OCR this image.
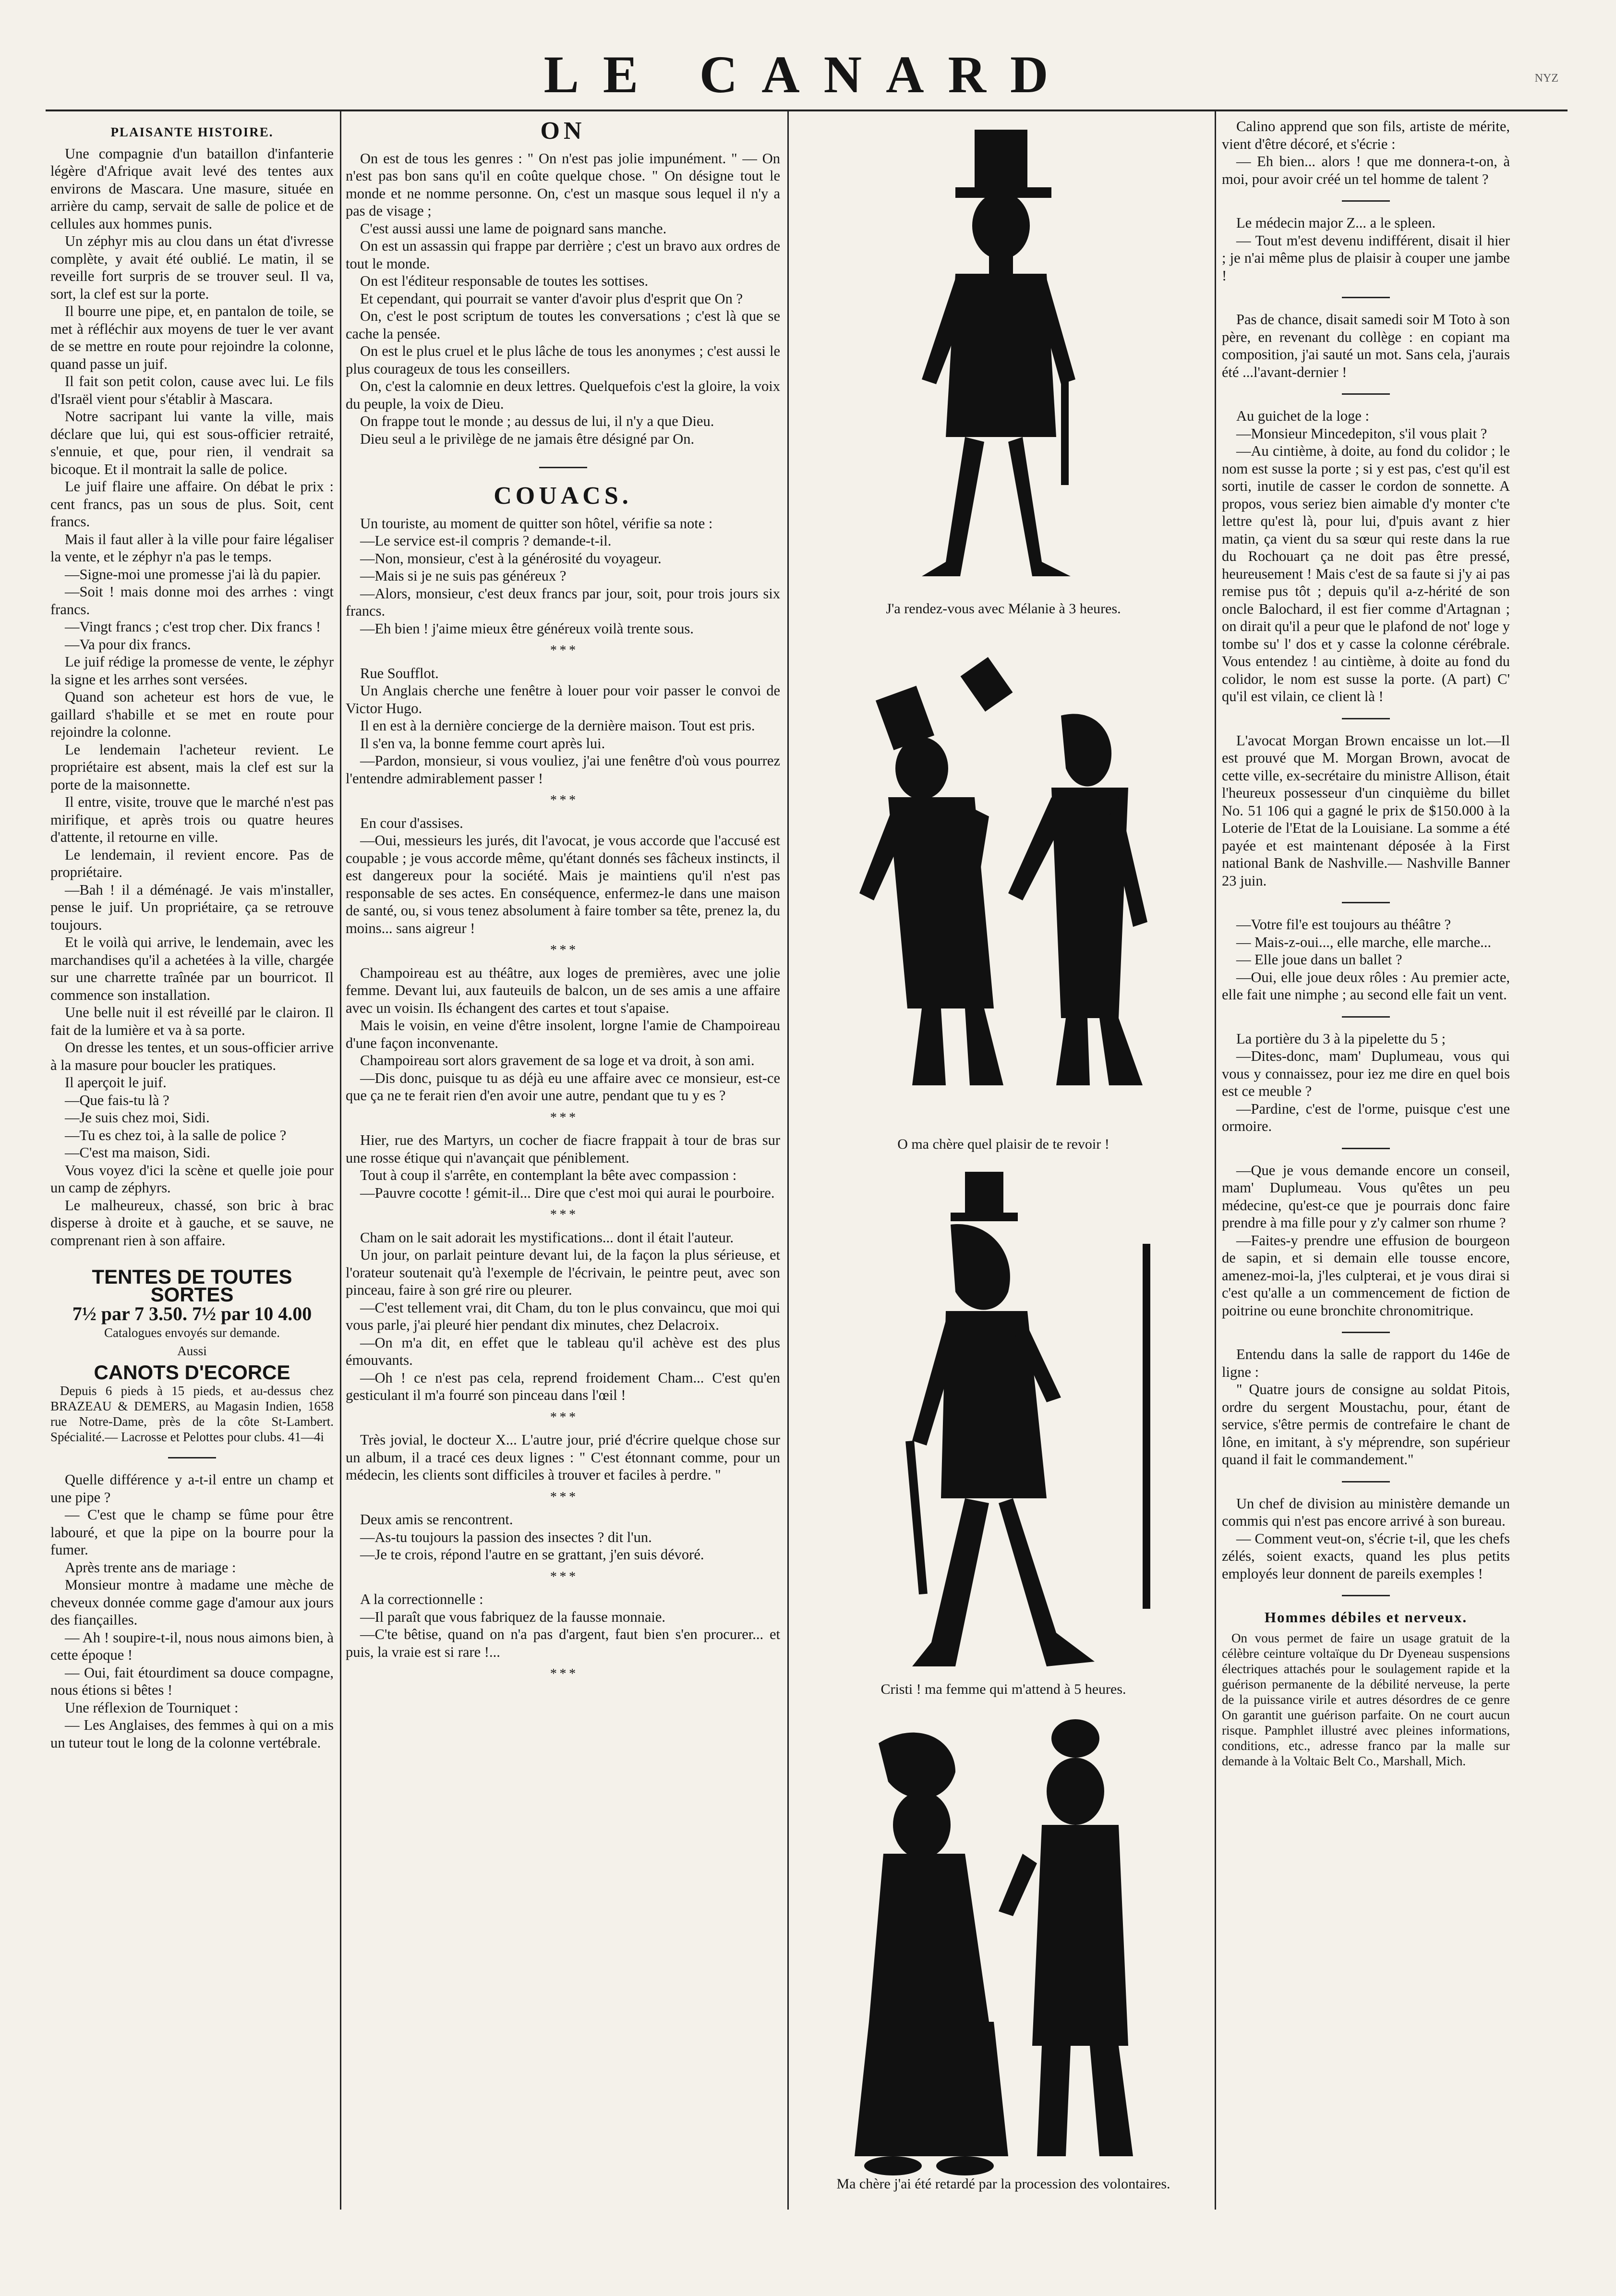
LE CANARD	NYZ
PLAISANTE HISTOIRE.

Une compagnie d'un bataillon d'infanterie légère d'Afrique avait levé des tentes aux environs de Mascara. Une masure, située en arrière du camp, servait de salle de police et de cellules aux hommes punis.

Un zéphyr mis au clou dans un état d'ivresse complète, y avait été oublié. Le matin, il se reveille fort surpris de se trouver seul. Il va, sort, la clef est sur la porte.

Il bourre une pipe, et, en pantalon de toile, se met à réfléchir aux moyens de tuer le ver avant de se mettre en route pour rejoindre la colonne, quand passe un juif.

Il fait son petit colon, cause avec lui. Le fils d'Israël vient pour s'établir à Mascara.

Notre sacripant lui vante la ville, mais déclare que lui, qui est sous-officier retraité, s'ennuie, et que, pour rien, il vendrait sa bicoque. Et il montrait la salle de police.

Le juif flaire une affaire. On débat le prix : cent francs, pas un sous de plus. Soit, cent francs.

Mais il faut aller à la ville pour faire légaliser la vente, et le zéphyr n'a pas le temps.

—Signe-moi une promesse j'ai là du papier.

—Soit ! mais donne moi des arrhes : vingt francs.

—Vingt francs ; c'est trop cher. Dix francs !

—Va pour dix francs.

Le juif rédige la promesse de vente, le zéphyr la signe et les arrhes sont versées.

Quand son acheteur est hors de vue, le gaillard s'habille et se met en route pour rejoindre la colonne.

Le lendemain l'acheteur revient. Le propriétaire est absent, mais la clef est sur la porte de la maisonnette.

Il entre, visite, trouve que le marché n'est pas mirifique, et après trois ou quatre heures d'attente, il retourne en ville.

Le lendemain, il revient encore. Pas de propriétaire.

—Bah ! il a déménagé. Je vais m'installer, pense le juif. Un propriétaire, ça se retrouve toujours.

Et le voilà qui arrive, le lendemain, avec les marchandises qu'il a achetées à la ville, chargée sur une charrette traînée par un bourricot. Il commence son installation.

Une belle nuit il est réveillé par le clairon. Il fait de la lumière et va à sa porte.

On dresse les tentes, et un sous-officier arrive à la masure pour boucler les pratiques.

Il aperçoit le juif.

—Que fais-tu là ?

—Je suis chez moi, Sidi.

—Tu es chez toi, à la salle de police ?

—C'est ma maison, Sidi.

Vous voyez d'ici la scène et quelle joie pour un camp de zéphyrs.

Le malheureux, chassé, son bric à brac disperse à droite et à gauche, et se sauve, ne comprenant rien à son affaire.

TENTES DE TOUTES SORTES
7½ par 7 3.50. 7½ par 10 4.00
Catalogues envoyés sur demande.
Aussi
CANOTS D'ECORCE

Depuis 6 pieds à 15 pieds, et au-dessus chez BRAZEAU & DEMERS, au Magasin Indien, 1658 rue Notre-Dame, près de la côte St-Lambert. Spécialité.— Lacrosse et Pelottes pour clubs. 41—4i

Quelle différence y a-t-il entre un champ et une pipe ?

— C'est que le champ se fûme pour être labouré, et que la pipe on la bourre pour la fumer.

Après trente ans de mariage :

Monsieur montre à madame une mèche de cheveux donnée comme gage d'amour aux jours des fiançailles.

— Ah ! soupire-t-il, nous nous aimons bien, à cette époque !

— Oui, fait étourdiment sa douce compagne, nous étions si bêtes !

Une réflexion de Tourniquet :

— Les Anglaises, des femmes à qui on a mis un tuteur tout le long de la colonne vertébrale.

ON

On est de tous les genres : " On n'est pas jolie impunément. " — On n'est pas bon sans qu'il en coûte quelque chose. " On désigne tout le monde et ne nomme personne. On, c'est un masque sous lequel il n'y a pas de visage ;

C'est aussi aussi une lame de poignard sans manche.

On est un assassin qui frappe par derrière ; c'est un bravo aux ordres de tout le monde.

On est l'éditeur responsable de toutes les sottises.

Et cependant, qui pourrait se vanter d'avoir plus d'esprit que On ?

On, c'est le post scriptum de toutes les conversations ; c'est là que se cache la pensée.

On est le plus cruel et le plus lâche de tous les anonymes ; c'est aussi le plus courageux de tous les conseillers.

On, c'est la calomnie en deux lettres. Quelquefois c'est la gloire, la voix du peuple, la voix de Dieu.

On frappe tout le monde ; au dessus de lui, il n'y a que Dieu.

Dieu seul a le privilège de ne jamais être désigné par On.

COUACS.

Un touriste, au moment de quitter son hôtel, vérifie sa note :

—Le service est-il compris ? demande-t-il.

—Non, monsieur, c'est à la générosité du voyageur.

—Mais si je ne suis pas généreux ?

—Alors, monsieur, c'est deux francs par jour, soit, pour trois jours six francs.

—Eh bien ! j'aime mieux être généreux voilà trente sous.

* * *

Rue Soufflot.

Un Anglais cherche une fenêtre à louer pour voir passer le convoi de Victor Hugo.

Il en est à la dernière concierge de la dernière maison. Tout est pris.

Il s'en va, la bonne femme court après lui.

—Pardon, monsieur, si vous vouliez, j'ai une fenêtre d'où vous pourrez l'entendre admirablement passer !

* * *

En cour d'assises.

—Oui, messieurs les jurés, dit l'avocat, je vous accorde que l'accusé est coupable ; je vous accorde même, qu'étant donnés ses fâcheux instincts, il est dangereux pour la société. Mais je maintiens qu'il n'est pas responsable de ses actes. En conséquence, enfermez-le dans une maison de santé, ou, si vous tenez absolument à faire tomber sa tête, prenez la, du moins... sans aigreur !

* * *

Champoireau est au théâtre, aux loges de premières, avec une jolie femme. Devant lui, aux fauteuils de balcon, un de ses amis a une affaire avec un voisin. Ils échangent des cartes et tout s'apaise.

Mais le voisin, en veine d'être insolent, lorgne l'amie de Champoireau d'une façon inconvenante.

Champoireau sort alors gravement de sa loge et va droit, à son ami.

—Dis donc, puisque tu as déjà eu une affaire avec ce monsieur, est-ce que ça ne te ferait rien d'en avoir une autre, pendant que tu y es ?

* * *

Hier, rue des Martyrs, un cocher de fiacre frappait à tour de bras sur une rosse étique qui n'avançait que péniblement.

Tout à coup il s'arrête, en contemplant la bête avec compassion :

—Pauvre cocotte ! gémit-il... Dire que c'est moi qui aurai le pourboire.

* * *

Cham on le sait adorait les mystifications... dont il était l'auteur.

Un jour, on parlait peinture devant lui, de la façon la plus sérieuse, et l'orateur soutenait qu'à l'exemple de l'écrivain, le peintre peut, avec son pinceau, faire à son gré rire ou pleurer.

—C'est tellement vrai, dit Cham, du ton le plus convaincu, que moi qui vous parle, j'ai pleuré hier pendant dix minutes, chez Delacroix.

—On m'a dit, en effet que le tableau qu'il achève est des plus émouvants.

—Oh ! ce n'est pas cela, reprend froidement Cham... C'est qu'en gesticulant il m'a fourré son pinceau dans l'œil !

* * *

Très jovial, le docteur X... L'autre jour, prié d'écrire quelque chose sur un album, il a tracé ces deux lignes : " C'est étonnant comme, pour un médecin, les clients sont difficiles à trouver et faciles à perdre. "

* * *

Deux amis se rencontrent.

—As-tu toujours la passion des insectes ? dit l'un.

—Je te crois, répond l'autre en se grattant, j'en suis dévoré.

* * *

A la correctionnelle :

—Il paraît que vous fabriquez de la fausse monnaie.

—C'te bêtise, quand on n'a pas d'argent, faut bien s'en procurer... et puis, la vraie est si rare !...

* * *
J'a rendez-vous avec Mélanie à 3 heures.
O ma chère quel plaisir de te revoir !
Cristi ! ma femme qui m'attend à 5 heures.
Ma chère j'ai été retardé par la procession des volontaires.

Calino apprend que son fils, artiste de mérite, vient d'être décoré, et s'écrie :

— Eh bien... alors ! que me donnera-t-on, à moi, pour avoir créé un tel homme de talent ?

Le médecin major Z... a le spleen.

— Tout m'est devenu indifférent, disait il hier ; je n'ai même plus de plaisir à couper une jambe !

Pas de chance, disait samedi soir M Toto à son père, en revenant du collège : en copiant ma composition, j'ai sauté un mot. Sans cela, j'aurais été ...l'avant-dernier !

Au guichet de la loge :

—Monsieur Mincedepiton, s'il vous plait ?

—Au cintième, à doite, au fond du colidor ; le nom est susse la porte ; si y est pas, c'est qu'il est sorti, inutile de casser le cordon de sonnette. A propos, vous seriez bien aimable d'y monter c'te lettre qu'est là, pour lui, d'puis avant z hier matin, ça vient du sa sœur qui reste dans la rue du Rochouart ça ne doit pas être pressé, heureusement ! Mais c'est de sa faute si j'y ai pas remise pus tôt ; depuis qu'il a-z-hérité de son oncle Balochard, il est fier comme d'Artagnan ; on dirait qu'il a peur que le plafond de not' loge y tombe su' l' dos et y casse la colonne cérébrale. Vous entendez ! au cintième, à doite au fond du colidor, le nom est susse la porte. (A part) C' qu'il est vilain, ce client là !

L'avocat Morgan Brown encaisse un lot.—Il est prouvé que M. Morgan Brown, avocat de cette ville, ex-secrétaire du ministre Allison, était l'heureux possesseur d'un cinquième du billet No. 51 106 qui a gagné le prix de $150.000 à la Loterie de l'Etat de la Louisiane. La somme a été payée et est maintenant déposée à la First national Bank de Nashville.— Nashville Banner 23 juin.

—Votre fil'e est toujours au théâtre ?

— Mais-z-oui..., elle marche, elle marche...

— Elle joue dans un ballet ?

—Oui, elle joue deux rôles : Au premier acte, elle fait une nimphe ; au second elle fait un vent.

La portière du 3 à la pipelette du 5 ;

—Dites-donc, mam' Duplumeau, vous qui vous y connaissez, pour iez me dire en quel bois est ce meuble ?

—Pardine, c'est de l'orme, puisque c'est une ormoire.

—Que je vous demande encore un conseil, mam' Duplumeau. Vous qu'êtes un peu médecine, qu'est-ce que je pourrais donc faire prendre à ma fille pour y z'y calmer son rhume ?

—Faites-y prendre une effusion de bourgeon de sapin, et si demain elle tousse encore, amenez-moi-la, j'les culpterai, et je vous dirai si c'est qu'alle a un commencement de fiction de poitrine ou eune bronchite chronomitrique.

Entendu dans la salle de rapport du 146e de ligne :

" Quatre jours de consigne au soldat Pitois, ordre du sergent Moustachu, pour, étant de service, s'être permis de contrefaire le chant de lône, en imitant, à s'y méprendre, son supérieur quand il fait le commandement."

Un chef de division au ministère demande un commis qui n'est pas encore arrivé à son bureau.

— Comment veut-on, s'écrie t-il, que les chefs zélés, soient exacts, quand les plus petits employés leur donnent de pareils exemples !

Hommes débiles et nerveux.

On vous permet de faire un usage gratuit de la célèbre ceinture voltaïque du Dr Dyeneau suspensions électriques attachés pour le soulagement rapide et la guérison permanente de la débilité nerveuse, la perte de la puissance virile et autres désordres de ce genre On garantit une guérison parfaite. On ne court aucun risque. Pamphlet illustré avec pleines informations, conditions, etc., adresse franco par la malle sur demande à la Voltaic Belt Co., Marshall, Mich.
